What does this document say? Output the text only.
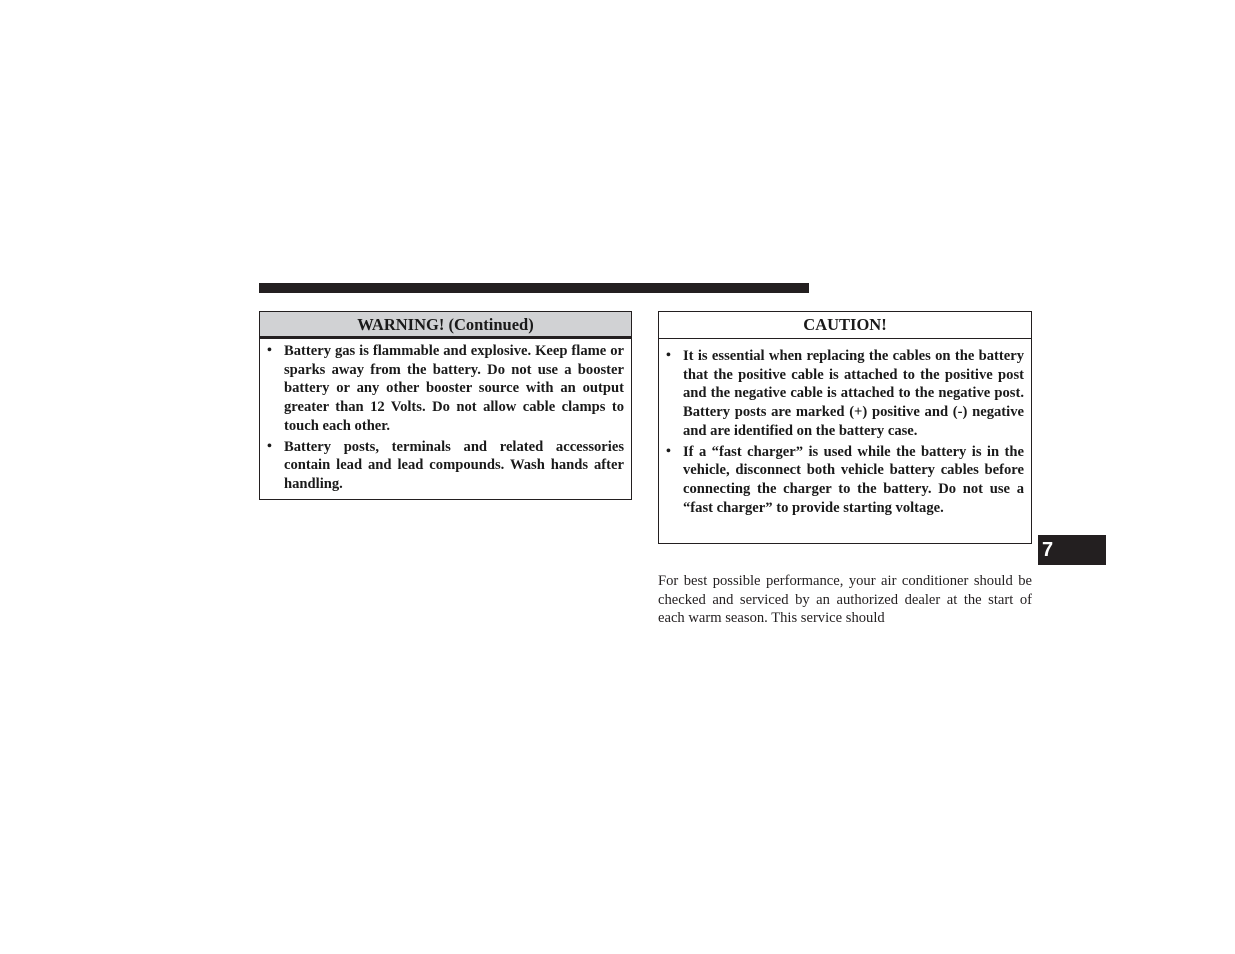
WARNING! (Continued)
• Battery gas is flammable and explosive. Keep flame or sparks away from the battery. Do not use a booster battery or any other booster source with an output greater than 12 Volts. Do not allow cable clamps to touch each other.
• Battery posts, terminals and related accessories contain lead and lead compounds. Wash hands after handling.
CAUTION!
• It is essential when replacing the cables on the battery that the positive cable is attached to the positive post and the negative cable is attached to the negative post. Battery posts are marked (+) positive and (-) negative and are identified on the battery case.
• If a “fast charger” is used while the battery is in the vehicle, disconnect both vehicle battery cables before connecting the charger to the battery. Do not use a “fast charger” to provide starting voltage.
7
For best possible performance, your air conditioner should be checked and serviced by an authorized dealer at the start of each warm season. This service should
